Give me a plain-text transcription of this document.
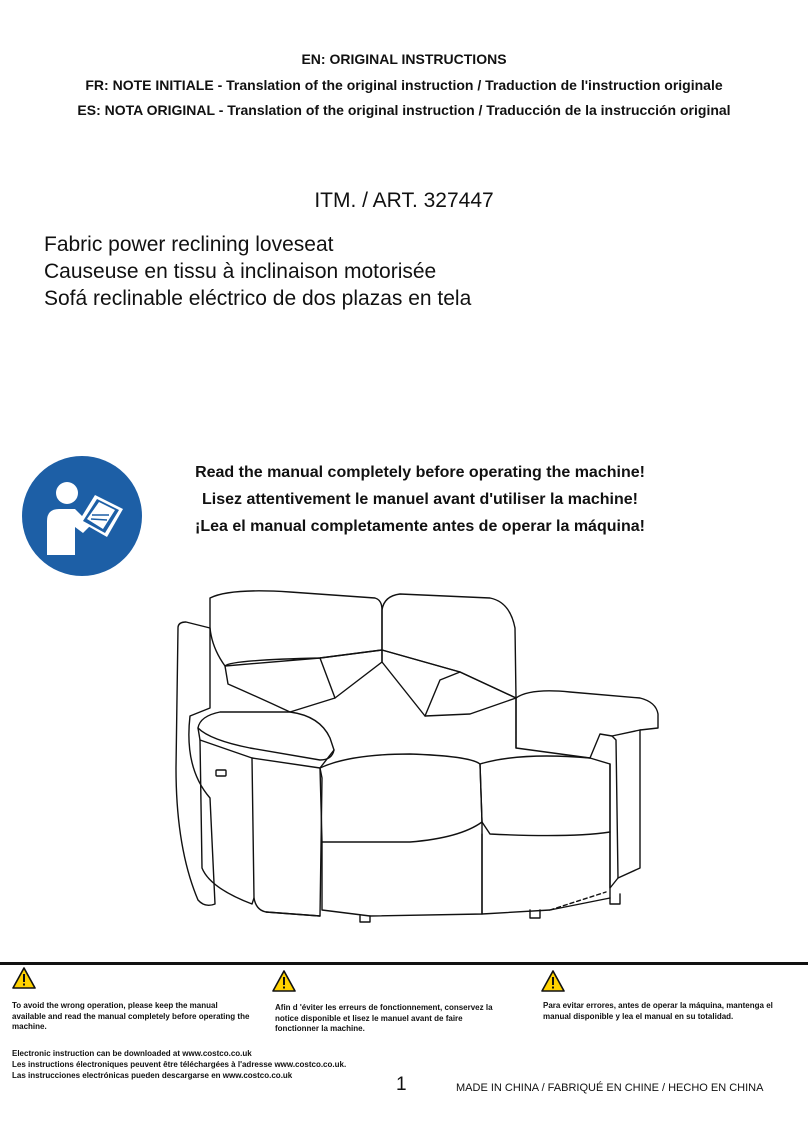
EN: ORIGINAL INSTRUCTIONS
FR: NOTE INITIALE - Translation of the original instruction / Traduction de l'instruction originale
ES: NOTA ORIGINAL - Translation of the original instruction / Traducción de la instrucción original
ITM. / ART. 327447
Fabric power reclining loveseat
Causeuse en tissu à inclinaison motorisée
Sofá reclinable eléctrico de dos plazas en tela
Read the manual completely before operating the machine!
Lisez attentivement le manuel avant d'utiliser la machine!
¡Lea el manual completamente antes de operar la máquina!
To avoid the wrong operation, please keep the manual available and read the manual completely before operating the machine.
Afin d 'éviter les erreurs de fonctionnement, conservez la notice disponible et lisez le manuel avant de faire fonctionner la machine.
Para evitar errores, antes de operar la máquina, mantenga el manual disponible y lea el manual en su totalidad.
Electronic instruction can be downloaded at www.costco.co.uk
Les instructions électroniques peuvent être téléchargées à l'adresse www.costco.co.uk.
Las instrucciones electrónicas pueden descargarse en www.costco.co.uk	1	MADE IN CHINA / FABRIQUÉ EN CHINE / HECHO EN CHINA
